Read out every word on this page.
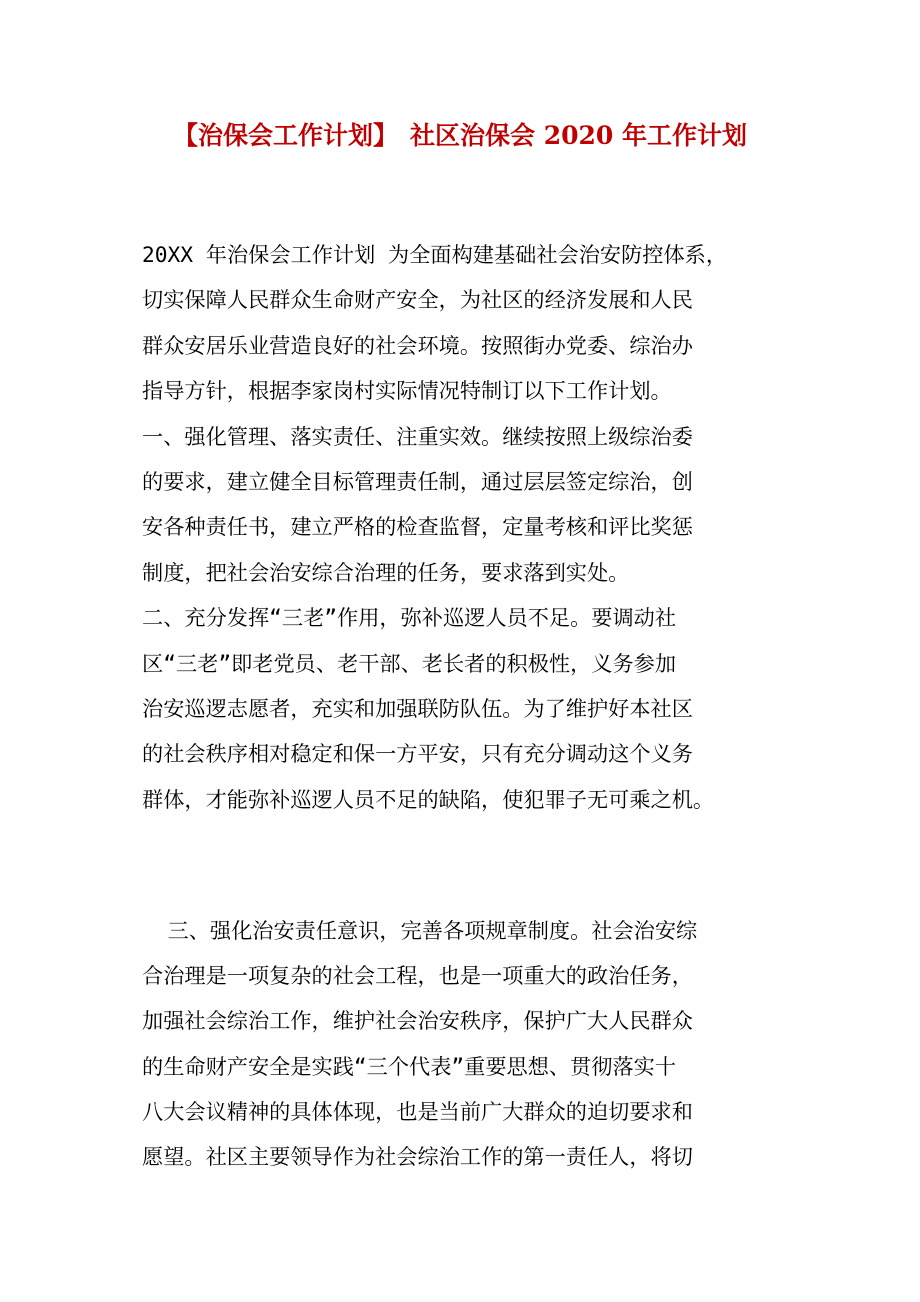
【治保会工作计划】 社区治保会 2020 年工作计划
20XX 年治保会工作计划 为全面构建基础社会治安防控体系，
切实保障人民群众生命财产安全，为社区的经济发展和人民
群众安居乐业营造良好的社会环境。按照街办党委、综治办
指导方针，根据李家岗村实际情况特制订以下工作计划。
一、强化管理、落实责任、注重实效。继续按照上级综治委
的要求，建立健全目标管理责任制，通过层层签定综治，创
安各种责任书，建立严格的检查监督，定量考核和评比奖惩
制度，把社会治安综合治理的任务，要求落到实处。
二、充分发挥“三老”作用，弥补巡逻人员不足。要调动社
区“三老”即老党员、老干部、老长者的积极性，义务参加
治安巡逻志愿者，充实和加强联防队伍。为了维护好本社区
的社会秩序相对稳定和保一方平安，只有充分调动这个义务
群体，才能弥补巡逻人员不足的缺陷，使犯罪子无可乘之机。
三、强化治安责任意识，完善各项规章制度。社会治安综
合治理是一项复杂的社会工程，也是一项重大的政治任务，
加强社会综治工作，维护社会治安秩序，保护广大人民群众
的生命财产安全是实践“三个代表”重要思想、贯彻落实十
八大会议精神的具体体现，也是当前广大群众的迫切要求和
愿望。社区主要领导作为社会综治工作的第一责任人，将切
